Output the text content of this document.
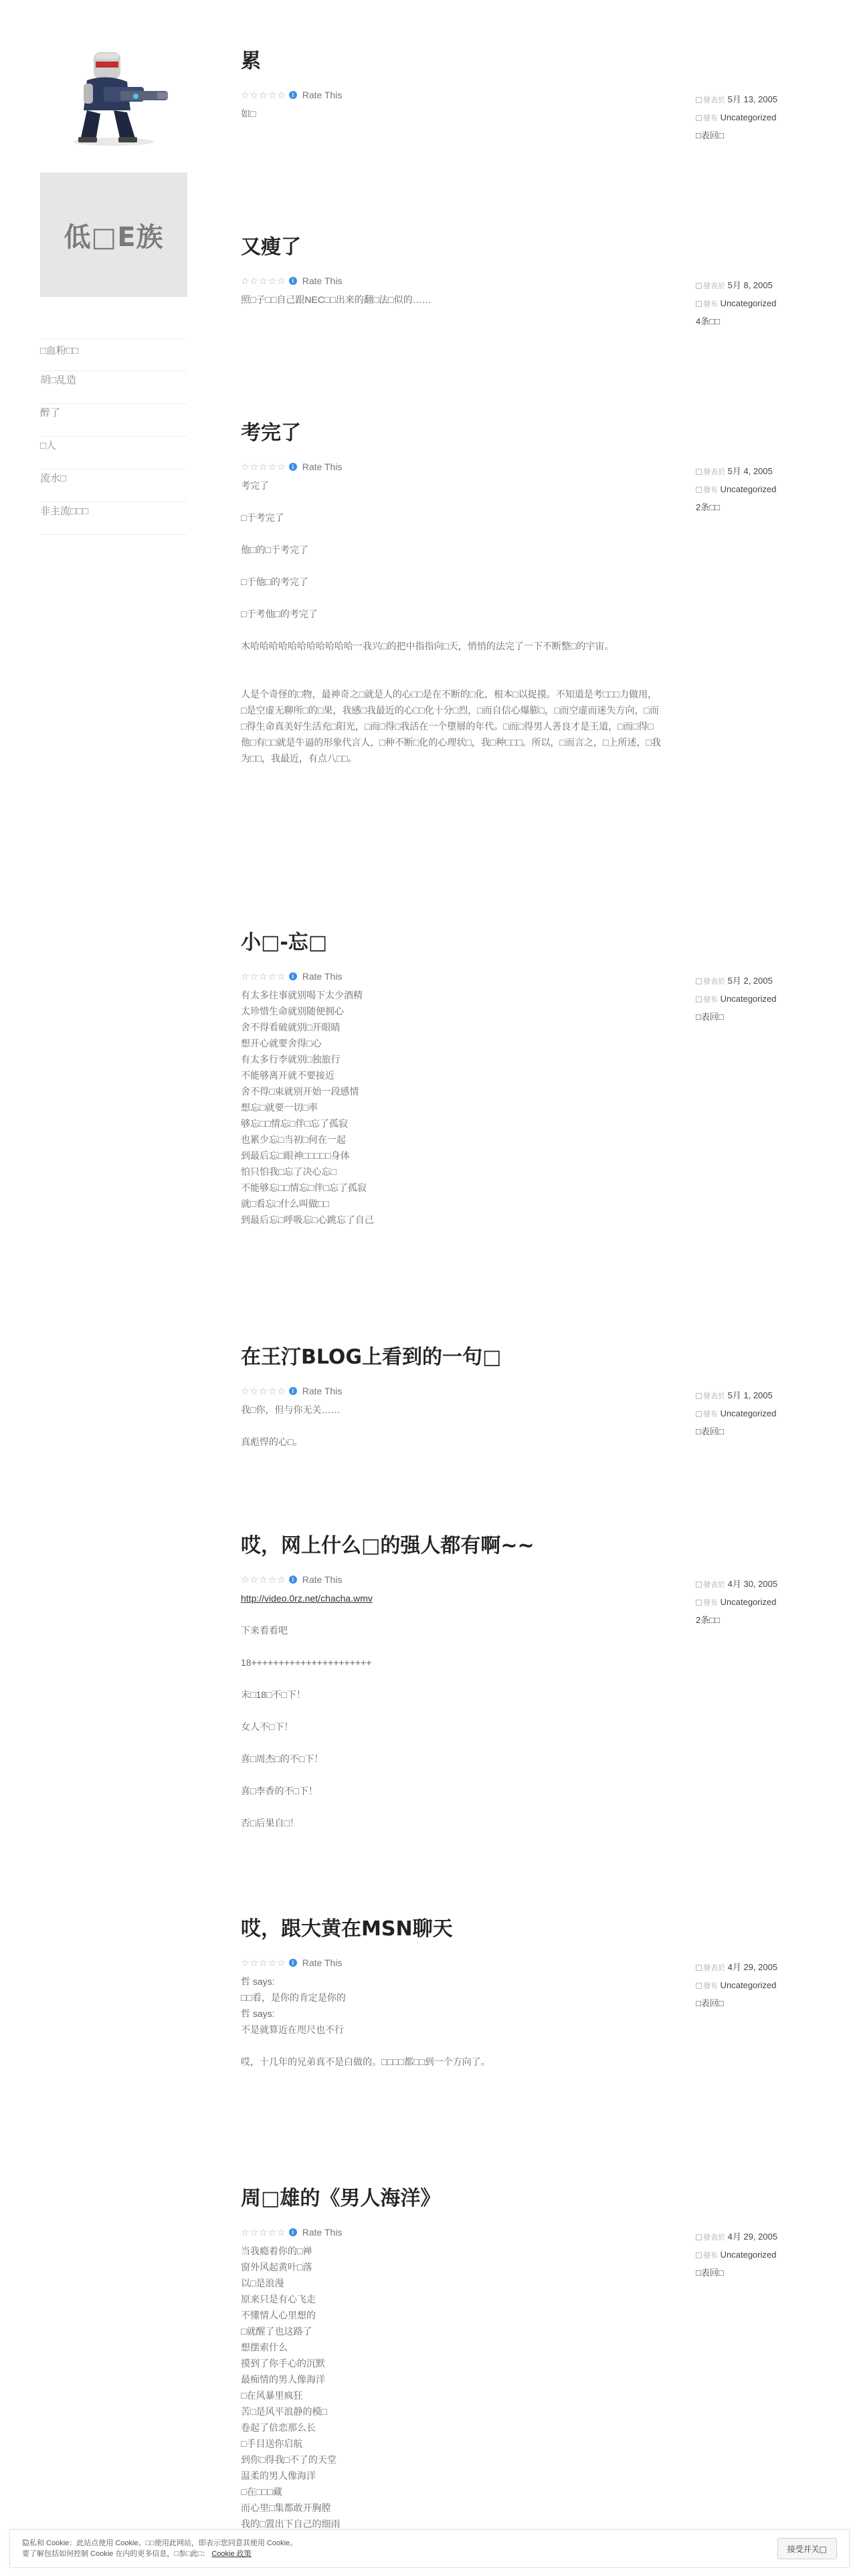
低□E族
□血粉□□
胡□乱造
醉了
□人
流水□
非主流□□□
累
☆☆☆☆☆ i Rate This

如□

發表於 5月 13, 2005
發布 Uncategorized
□表回□
又瘦了
☆☆☆☆☆ i Rate This

照□子□□自己跟NEC□□出来的翻□法□似的……

發表於 5月 8, 2005
發布 Uncategorized
4条□□
考完了
☆☆☆☆☆ i Rate This

考完了

□于考完了

他□的□于考完了

□于他□的考完了

□于考他□的考完了

木哈哈哈哈哈哈哈哈哈哈哈一我兴□的把中指指向□天，悄悄的法完了一下不断整□的宇宙。

人是个奇怪的□物，最神奇之□就是人的心□□是在不断的□化，根本□以捉摸。不知道是考□□□力做用，□是空虚无聊所□的□果，我感□我最近的心□□化十分□烈，□而自信心爆膨□，□而空虚而迷失方向，□而□得生命真美好生活充□阳光，□而□得□我活在一个墮層的年代。□而□得男人善良才是王道，□而□得□他□有□□就是牛逼的形象代言人，□种不断□化的心理状□，我□种□□□。所以，□而言之，□上所述，□我为□□，我最近，有点八□□。

發表於 5月 4, 2005
發布 Uncategorized
2条□□
小□-忘□
☆☆☆☆☆ i Rate This

有太多往事就别喝下太少酒精

太珍惜生命就别随便拥心

舍不得看破就别□开眼睛

想开心就要舍得□心

有太多行李就别□独旅行

不能够离开就不要接近

舍不得□束就别开始一段感情

想忘□就要一切□率

够忘□□情忘□伴□忘了孤寂

也累少忘□当初□何在一起

到最后忘□眼神□□□□□身体

怕只怕我□忘了决心忘□

不能够忘□□情忘□伴□忘了孤寂

就□看忘□什么叫做□□

到最后忘□呼吸忘□心跳忘了自己

發表於 5月 2, 2005
發布 Uncategorized
□表回□
在王汀BLOG上看到的一句□
☆☆☆☆☆ i Rate This

我□你，但与你无关……

真彪悍的心□。

發表於 5月 1, 2005
發布 Uncategorized
□表回□
哎，网上什么□的强人都有啊~~
☆☆☆☆☆ i Rate This

http://video.0rz.net/chacha.wmv

下来看看吧

18++++++++++++++++++++++

未□18□不□下！

女人不□下！

喜□周杰□的不□下！

喜□李香的不□下！

否□后果自□！

發表於 4月 30, 2005
發布 Uncategorized
2条□□
哎，跟大黄在MSN聊天
☆☆☆☆☆ i Rate This

哲 says:

□□看，是你的肯定是你的

哲 says:

不是就算近在咫尺也不行

哎，十几年的兄弟真不是白做的。□□□□都□□到一个方向了。

發表於 4月 29, 2005
發布 Uncategorized
□表回□
周□雄的《男人海洋》
☆☆☆☆☆ i Rate This

当我瘾着你的□禅

窗外风起黄叶□落

以□是浪漫

原来只是有心飞走

不懂情人心里想的

□就醒了也这路了

想摆索什么

摸到了你手心的沉默

最痴情的男人像海洋

□在风暴里疯狂

苦□是风平浪静的模□

卷起了倍恋那么长

□手目送你启航

到你□得我□不了的天堂

温柔的男人像海洋

□在□□□藏

而心里□集都敢开胸膛

我的□置出下自己的细雨

發表於 4月 29, 2005
發布 Uncategorized
□表回□
隐私和 Cookie：此站点使用 Cookie。□□使用此网站，即表示您同意其使用 Cookie。
要了解包括如何控制 Cookie 在内的更多信息，□参□此□： Cookie 政策
接受并关□
